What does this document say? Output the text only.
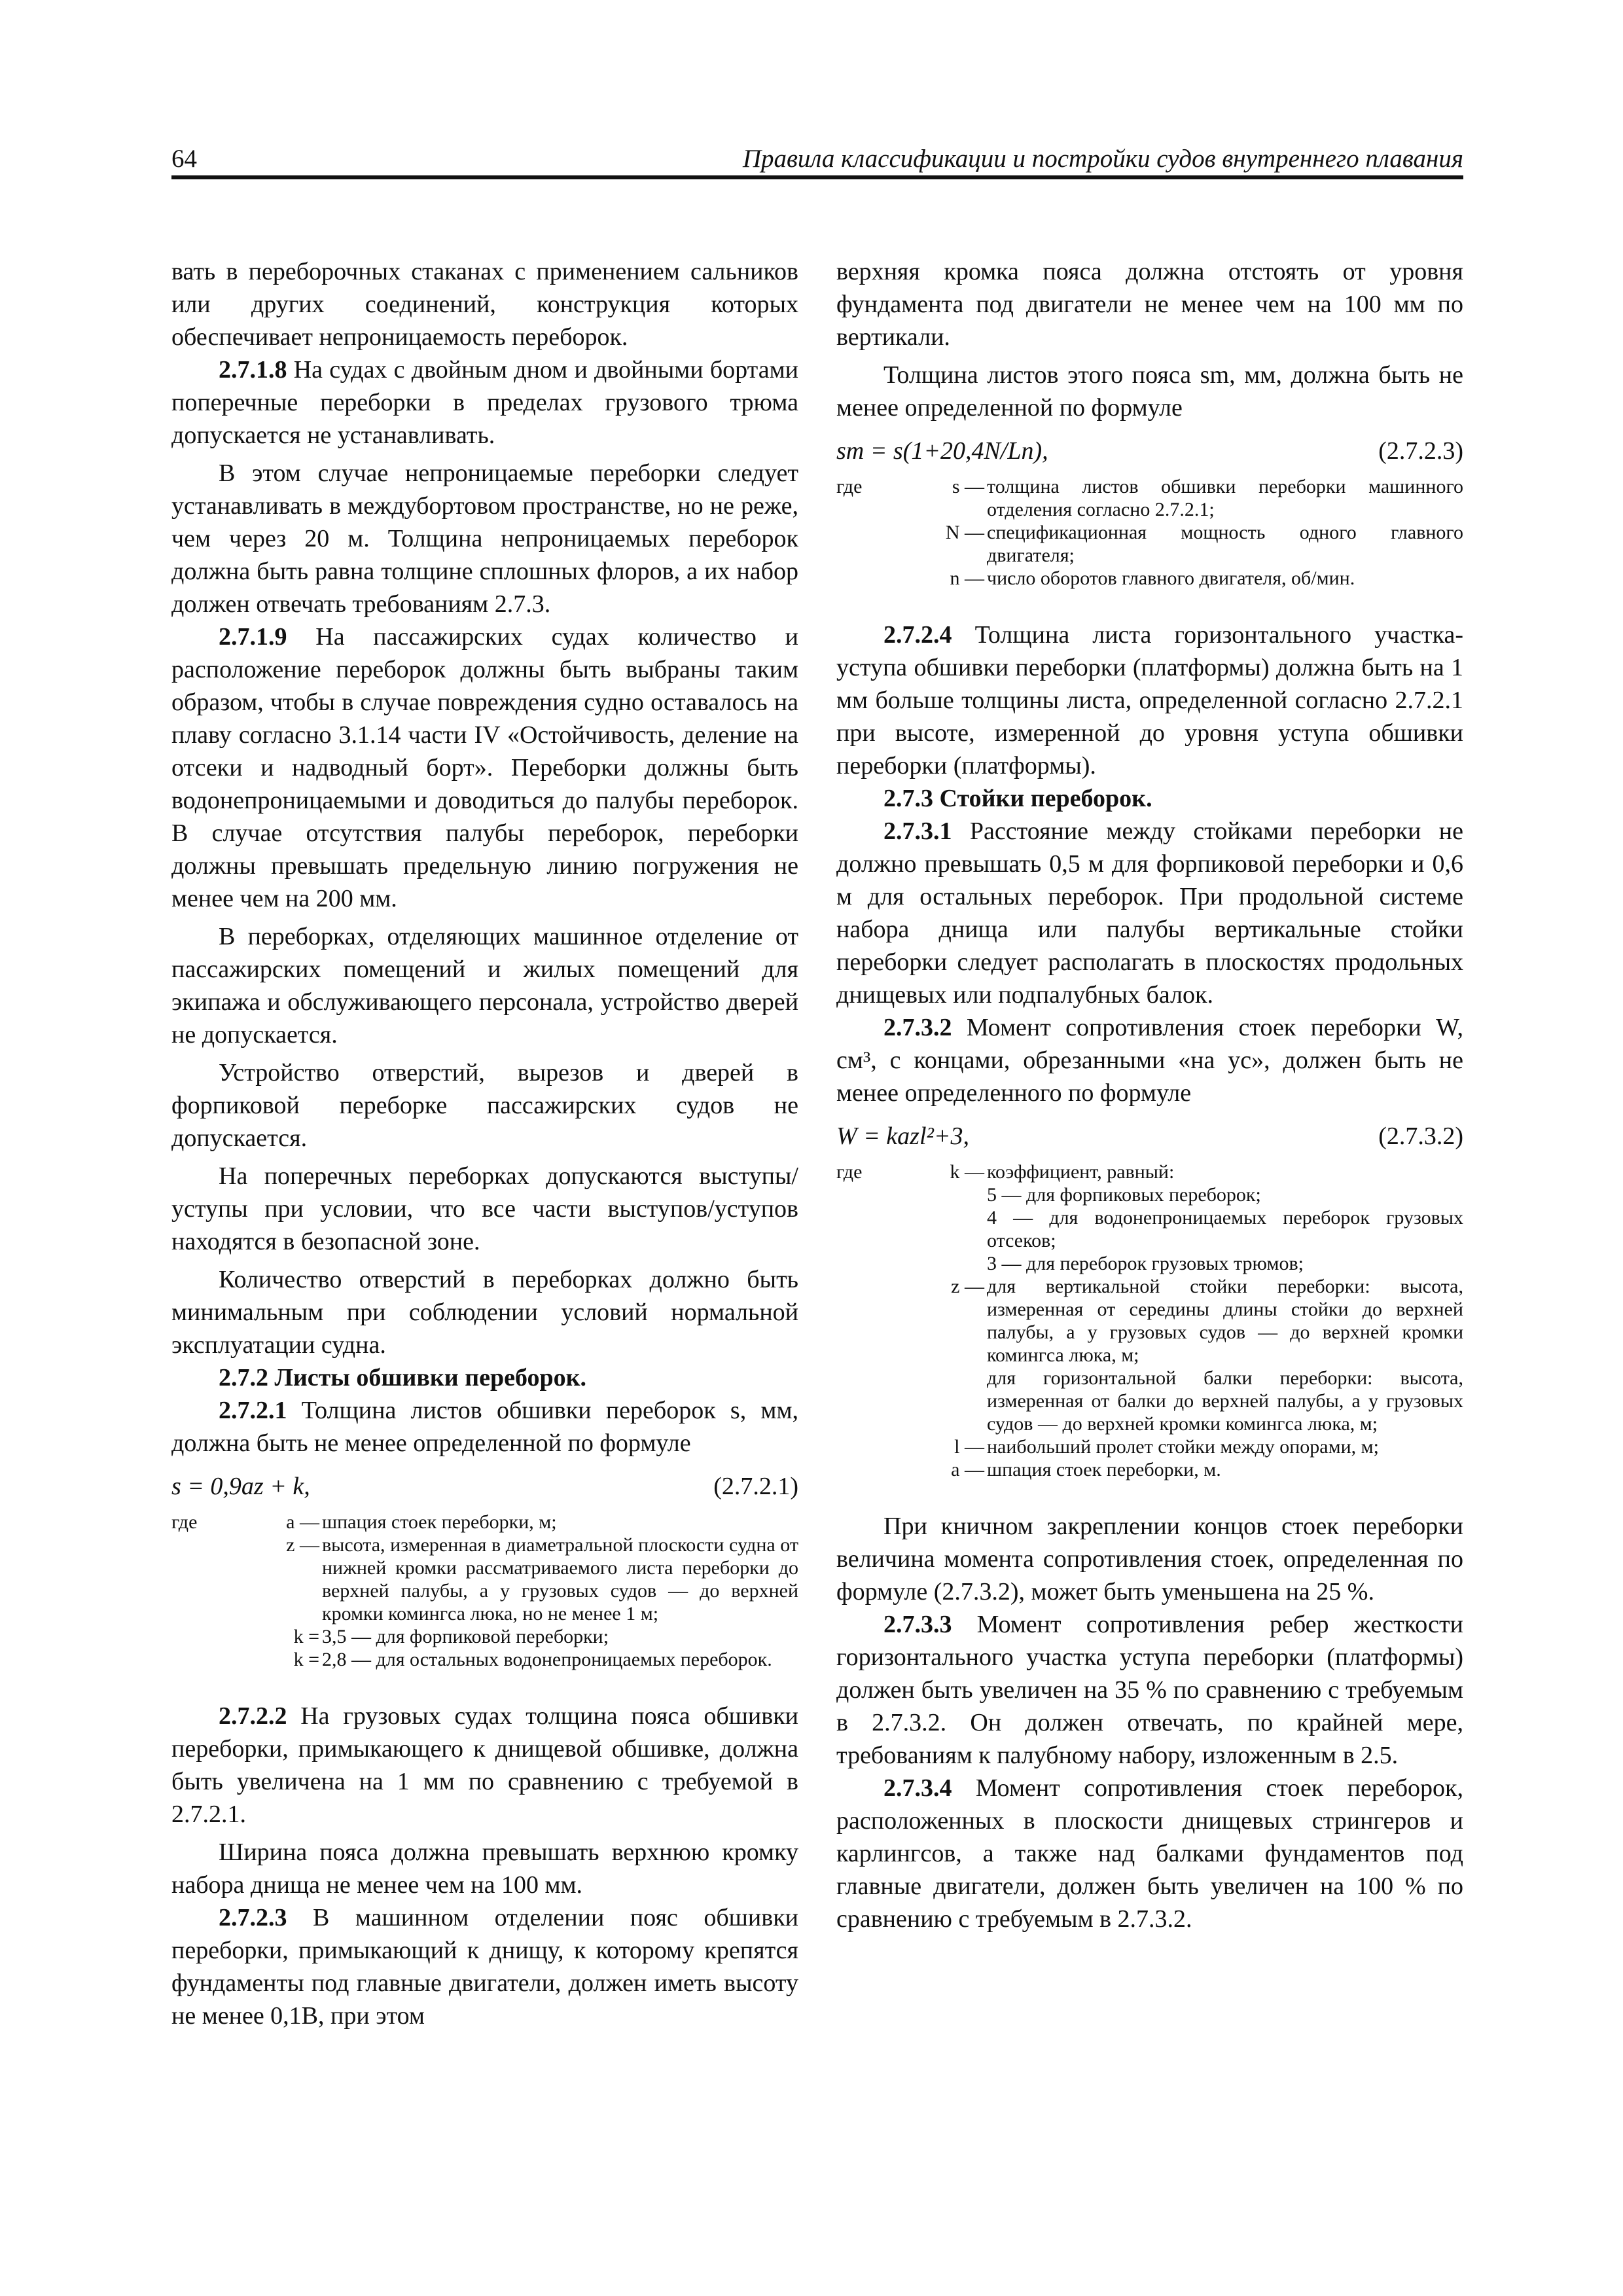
64	Правила классификации и постройки судов внутреннего плавания

вать в переборочных стаканах с применением сальников или других соединений, конструкция которых обеспечивает непроницаемость переборок.

2.7.1.8 На судах с двойным дном и двойными бортами поперечные переборки в пределах грузового трюма допускается не устанавливать.

В этом случае непроницаемые переборки следует устанавливать в междубортовом пространстве, но не реже, чем через 20 м. Толщина непроницаемых переборок должна быть равна толщине сплошных флоров, а их набор должен отвечать требованиям 2.7.3.

2.7.1.9 На пассажирских судах количество и расположение переборок должны быть выбраны таким образом, чтобы в случае повреждения судно оставалось на плаву согласно 3.1.14 части IV «Остойчивость, деление на отсеки и надводный борт». Переборки должны быть водонепроницаемыми и доводиться до палубы переборок. В случае отсутствия палубы переборок, переборки должны превышать предельную линию погружения не менее чем на 200 мм.

В переборках, отделяющих машинное отделение от пассажирских помещений и жилых помещений для экипажа и обслуживающего персонала, устройство дверей не допускается.

Устройство отверстий, вырезов и дверей в форпиковой переборке пассажирских судов не допускается.

На поперечных переборках допускаются выступы/уступы при условии, что все части выступов/уступов находятся в безопасной зоне.

Количество отверстий в переборках должно быть минимальным при соблюдении условий нормальной эксплуатации судна.

2.7.2 Листы обшивки переборок.

2.7.2.1 Толщина листов обшивки переборок s, мм, должна быть не менее определенной по формуле

s = 0,9az + k,	(2.7.2.1)
где	a — шпация стоек переборки, м;
z — высота, измеренная в диаметральной плоскости судна от нижней кромки рассматриваемого листа переборки до верхней палубы, а у грузовых судов — до верхней кромки комингса люка, но не менее 1 м;
k = 3,5 — для форпиковой переборки;
k = 2,8 — для остальных водонепроницаемых переборок.

2.7.2.2 На грузовых судах толщина пояса обшивки переборки, примыкающего к днищевой обшивке, должна быть увеличена на 1 мм по сравнению с требуемой в 2.7.2.1.

Ширина пояса должна превышать верхнюю кромку набора днища не менее чем на 100 мм.

2.7.2.3 В машинном отделении пояс обшивки переборки, примыкающий к днищу, к которому крепятся фундаменты под главные двигатели, должен иметь высоту не менее 0,1B, при этом

верхняя кромка пояса должна отстоять от уровня фундамента под двигатели не менее чем на 100 мм по вертикали.

Толщина листов этого пояса sm, мм, должна быть не менее определенной по формуле

sm = s(1+20,4N/Ln),	(2.7.2.3)
где	s — толщина листов обшивки переборки машинного отделения согласно 2.7.2.1;
N — спецификационная мощность одного главного двигателя;
n — число оборотов главного двигателя, об/мин.

2.7.2.4 Толщина листа горизонтального участка-уступа обшивки переборки (платформы) должна быть на 1 мм больше толщины листа, определенной согласно 2.7.2.1 при высоте, измеренной до уровня уступа обшивки переборки (платформы).

2.7.3 Стойки переборок.

2.7.3.1 Расстояние между стойками переборки не должно превышать 0,5 м для форпиковой переборки и 0,6 м для остальных переборок. При продольной системе набора днища или палубы вертикальные стойки переборки следует располагать в плоскостях продольных днищевых или подпалубных балок.

2.7.3.2 Момент сопротивления стоек переборки W, см³, с концами, обрезанными «на ус», должен быть не менее определенного по формуле

W = kazl²+3,	(2.7.3.2)
где	k — коэффициент, равный:
5 — для форпиковых переборок;
4 — для водонепроницаемых переборок грузовых отсеков;
3 — для переборок грузовых трюмов;
z — для вертикальной стойки переборки: высота, измеренная от середины длины стойки до верхней палубы, а у грузовых судов — до верхней кромки комингса люка, м;
для горизонтальной балки переборки: высота, измеренная от балки до верхней палубы, а у грузовых судов — до верхней кромки комингса люка, м;
l — наибольший пролет стойки между опорами, м;
a — шпация стоек переборки, м.

При кничном закреплении концов стоек переборки величина момента сопротивления стоек, определенная по формуле (2.7.3.2), может быть уменьшена на 25 %.

2.7.3.3 Момент сопротивления ребер жесткости горизонтального участка уступа переборки (платформы) должен быть увеличен на 35 % по сравнению с требуемым в 2.7.3.2. Он должен отвечать, по крайней мере, требованиям к палубному набору, изложенным в 2.5.

2.7.3.4 Момент сопротивления стоек переборок, расположенных в плоскости днищевых стрингеров и карлингсов, а также над балками фундаментов под главные двигатели, должен быть увеличен на 100 % по сравнению с требуемым в 2.7.3.2.
